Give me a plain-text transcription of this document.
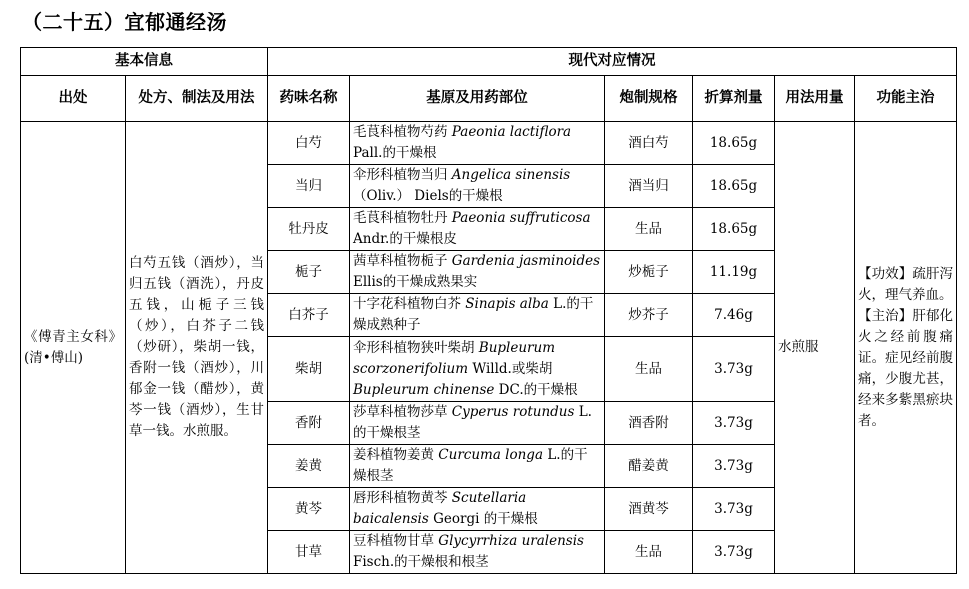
（二十五）宜郁通经汤
基本信息		现代对应情况					
出处	处方、制法及用法	药味名称	基原及用药部位	炮制规格	折算剂量	用法用量	功能主治
《傅青主女科》(清•傅山)	白芍五钱（酒炒），当归五钱（酒洗），丹皮五钱，山栀子三钱（炒），白芥子二钱（炒研），柴胡一钱，香附一钱（酒炒），川郁金一钱（醋炒），黄芩一钱（酒炒），生甘草一钱。水煎服。	白芍	毛茛科植物芍药 Paeonia lactiflora Pall.的干燥根	酒白芍	18.65g	水煎服	【功效】疏肝泻火，理气养血。
【主治】肝郁化火之经前腹痛证。症见经前腹痛，少腹尤甚，经来多紫黑瘀块者。

		当归	伞形科植物当归 Angelica sinensis （Oliv.） Diels的干燥根	酒当归	18.65g		
		牡丹皮	毛茛科植物牡丹 Paeonia suffruticosa Andr.的干燥根皮	生品	18.65g		
		栀子	茜草科植物栀子 Gardenia jasminoides Ellis的干燥成熟果实	炒栀子	11.19g		
		白芥子	十字花科植物白芥 Sinapis alba L.的干燥成熟种子	炒芥子	7.46g		
		柴胡	伞形科植物狭叶柴胡 Bupleurum scorzonerifolium Willd.或柴胡 Bupleurum chinense DC.的干燥根	生品	3.73g		
		香附	莎草科植物莎草 Cyperus rotundus L.的干燥根茎	酒香附	3.73g		
		姜黄	姜科植物姜黄 Curcuma longa L.的干燥根茎	醋姜黄	3.73g		
		黄芩	唇形科植物黄芩 Scutellaria baicalensis Georgi 的干燥根	酒黄芩	3.73g		
		甘草	豆科植物甘草 Glycyrrhiza uralensis Fisch.的干燥根和根茎	生品	3.73g		
